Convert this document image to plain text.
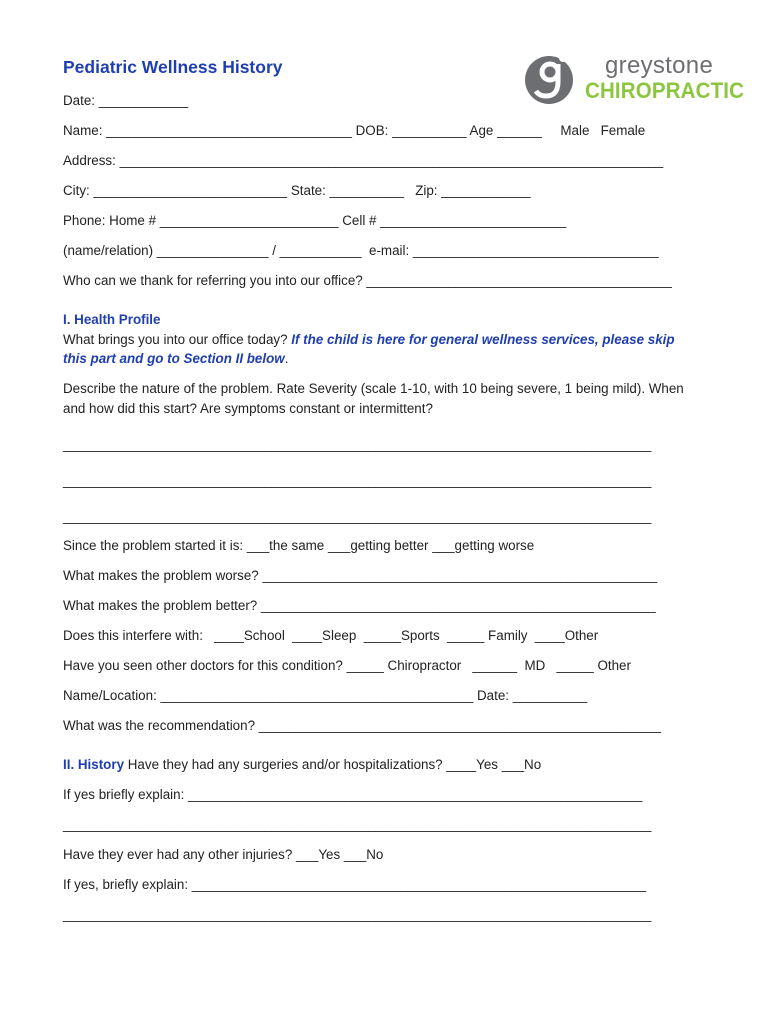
Pediatric Wellness History	greystone
CHIROPRACTIC
Date: ____________
Name: _________________________________ DOB: __________ Age ______     Male   Female
Address: _________________________________________________________________________
City: __________________________ State: __________   Zip: ____________
Phone: Home # ________________________ Cell # _________________________
(name/relation) _______________ / ___________  e-mail: _________________________________
Who can we thank for referring you into our office? _________________________________________
I. Health Profile
What brings you into our office today? If the child is here for general wellness services, please skip
this part and go to Section II below.
Describe the nature of the problem. Rate Severity (scale 1-10, with 10 being severe, 1 being mild). When
and how did this start? Are symptoms constant or intermittent?
_______________________________________________________________________________
_______________________________________________________________________________
_______________________________________________________________________________
Since the problem started it is: ___the same ___getting better ___getting worse
What makes the problem worse? _____________________________________________________
What makes the problem better? _____________________________________________________
Does this interfere with:   ____School  ____Sleep  _____Sports  _____ Family  ____Other
Have you seen other doctors for this condition? _____ Chiropractor   ______  MD   _____ Other
Name/Location: __________________________________________ Date: __________
What was the recommendation? ______________________________________________________
II. History Have they had any surgeries and/or hospitalizations? ____Yes ___No
If yes briefly explain: _____________________________________________________________
_______________________________________________________________________________
Have they ever had any other injuries? ___Yes ___No
If yes, briefly explain: _____________________________________________________________
_______________________________________________________________________________
